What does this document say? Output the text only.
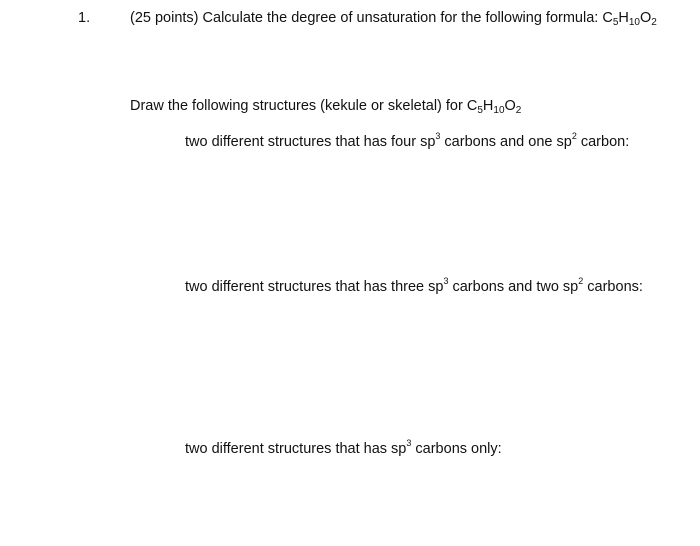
1.	(25 points) Calculate the degree of unsaturation for the following formula: $C_5H_{10}O_2$
Draw the following structures (kekule or skeletal) for $C_5H_{10}O_2$
two different structures that has four $sp^3$ carbons and one $sp^2$ carbon:
two different structures that has three $sp^3$ carbons and two $sp^2$ carbons:
two different structures that has $sp^3$ carbons only:
